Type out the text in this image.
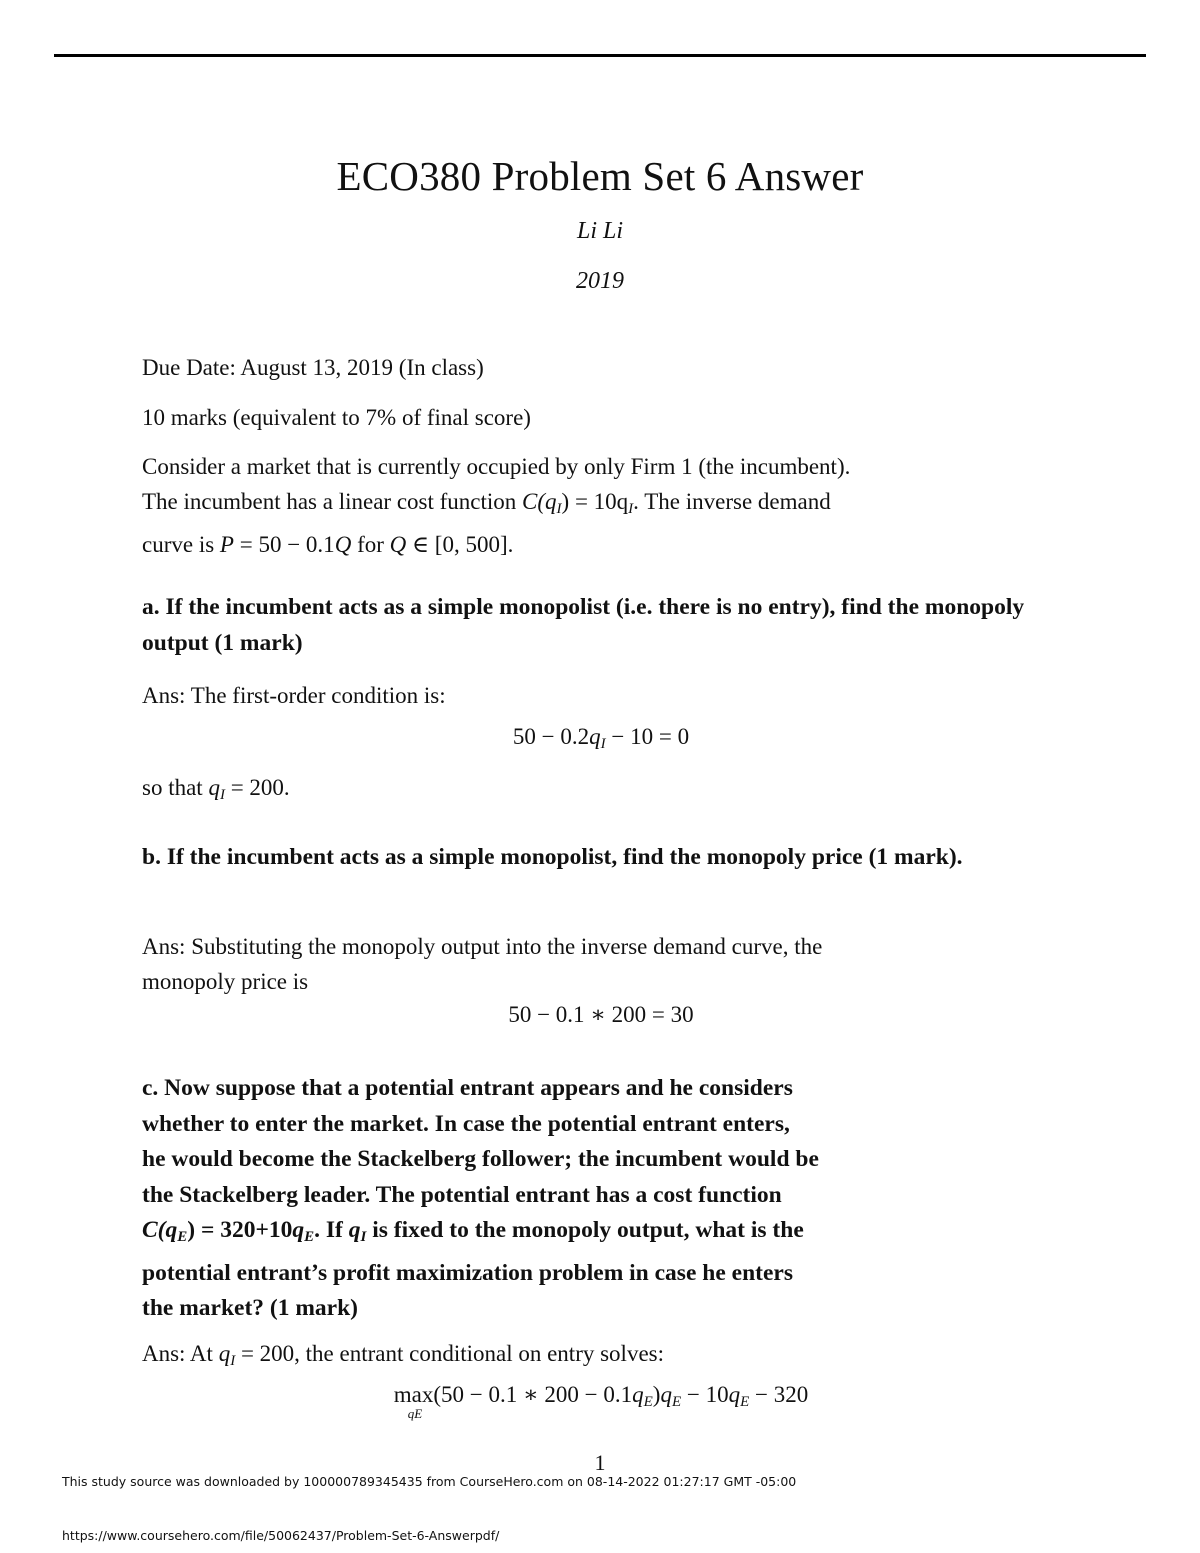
ECO380 Problem Set 6 Answer
Li Li
2019
Due Date: August 13, 2019 (In class)
10 marks (equivalent to 7% of final score)
Consider a market that is currently occupied by only Firm 1 (the incumbent).
The incumbent has a linear cost function $C(q_I) = 10q_I$. The inverse demand
curve is P = 50 − 0.1Q for Q ∈ [0, 500].
a. If the incumbent acts as a simple monopolist (i.e. there is no entry), find the monopoly output (1 mark)
Ans: The first-order condition is:
$50 - 0.2q_I - 10 = 0$
so that $q_I = 200$.
b. If the incumbent acts as a simple monopolist, find the monopoly price (1 mark).
Ans: Substituting the monopoly output into the inverse demand curve, the
monopoly price is
50 − 0.1 ∗ 200 = 30
c. Now suppose that a potential entrant appears and he considers
whether to enter the market. In case the potential entrant enters,
he would become the Stackelberg follower; the incumbent would be
the Stackelberg leader. The potential entrant has a cost function
$C(q_E) = 320+10q_E$. If $q_I$ is fixed to the monopoly output, what is the
potential entrant’s profit maximization problem in case he enters
the market? (1 mark)
Ans: At $q_I = 200$, the entrant conditional on entry solves:
max
qE
(50 − 0.1 ∗ $200 - 0.1q_E)q_E - 10q_E - 320$
1
This study source was downloaded by 100000789345435 from CourseHero.com on 08-14-2022 01:27:17 GMT -05:00
https://www.coursehero.com/file/50062437/Problem-Set-6-Answerpdf/
